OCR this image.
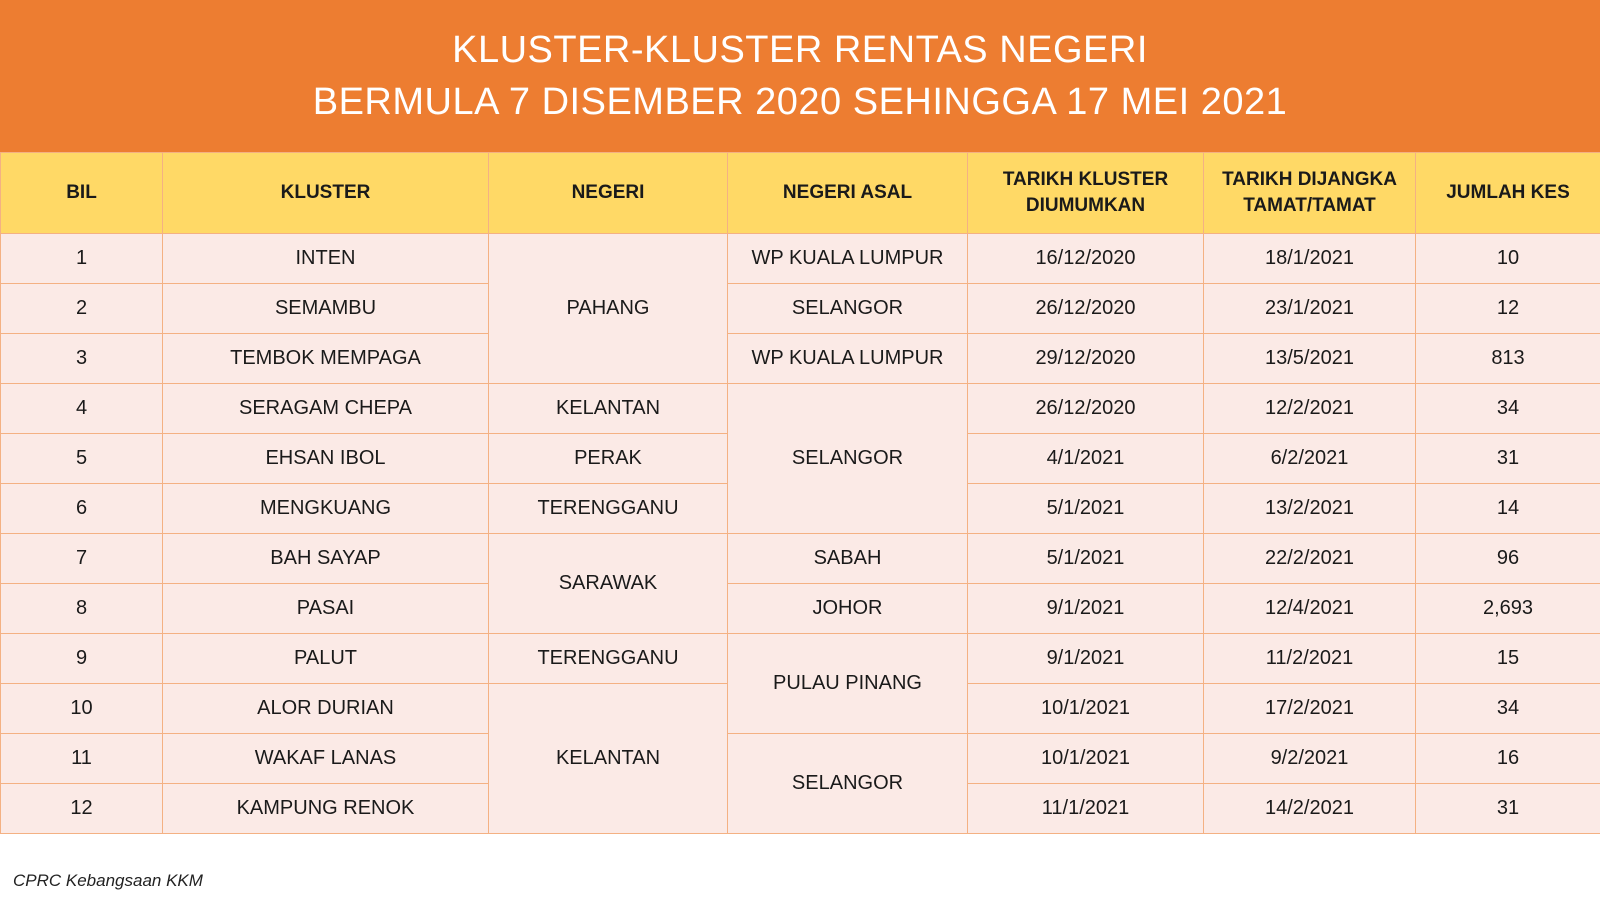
KLUSTER-KLUSTER RENTAS NEGERI
BERMULA 7 DISEMBER 2020 SEHINGGA 17 MEI 2021
BIL	KLUSTER	NEGERI	NEGERI ASAL	TARIKH KLUSTER DIUMUMKAN	TARIKH DIJANGKA TAMAT/TAMAT	JUMLAH KES
1	INTEN	PAHANG	WP KUALA LUMPUR	16/12/2020	18/1/2021	10
2	SEMAMBU		SELANGOR	26/12/2020	23/1/2021	12
3	TEMBOK MEMPAGA		WP KUALA LUMPUR	29/12/2020	13/5/2021	813
4	SERAGAM CHEPA	KELANTAN	SELANGOR	26/12/2020	12/2/2021	34
5	EHSAN IBOL	PERAK		4/1/2021	6/2/2021	31
6	MENGKUANG	TERENGGANU		5/1/2021	13/2/2021	14
7	BAH SAYAP	SARAWAK	SABAH	5/1/2021	22/2/2021	96
8	PASAI		JOHOR	9/1/2021	12/4/2021	2,693
9	PALUT	TERENGGANU	PULAU PINANG	9/1/2021	11/2/2021	15
10	ALOR DURIAN	KELANTAN		10/1/2021	17/2/2021	34
11	WAKAF LANAS		SELANGOR	10/1/2021	9/2/2021	16
12	KAMPUNG RENOK			11/1/2021	14/2/2021	31
CPRC Kebangsaan KKM
